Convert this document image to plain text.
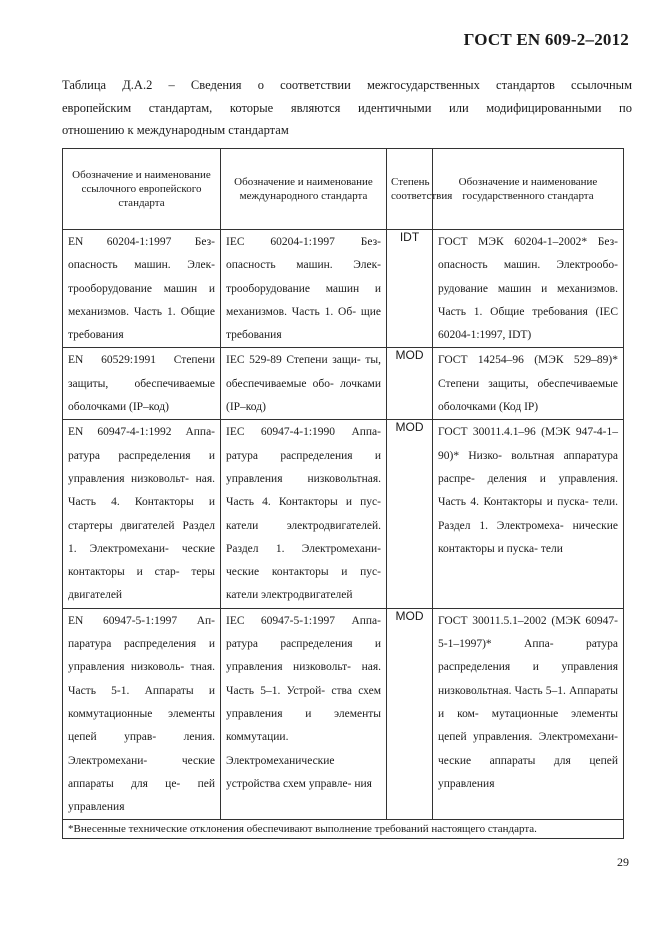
ГОСТ EN 609-2–2012
Таблица Д.А.2 – Сведения о соответствии межгосударственных стандартов ссылочным
европейским стандартам, которые являются идентичными или модифицированными по
отношению к международным стандартам
Обозначение и наименование ссылочного европейского стандарта	Обозначение и наименование международного стандарта	Степень соответствия	Обозначение и наименование государственного стандарта

EN 60204-1:1997 Без- опасность машин. Элек- трооборудование машин и механизмов. Часть 1. Общие требования	IEC 60204-1:1997 Без- опасность машин. Элек- трооборудование машин и механизмов. Часть 1. Об- щие требования	IDT	ГОСТ МЭК 60204-1–2002* Без- опасность машин. Электрообо- рудование машин и механизмов. Часть 1. Общие требования (IEC 60204-1:1997, IDT)

EN 60529:1991 Степени защиты, обеспечиваемые оболочками (IP–код)	IEC 529-89 Степени защи- ты, обеспечиваемые обо- лочками (IP–код)	MOD	ГОСТ 14254–96 (МЭК 529–89)* Степени защиты, обеспечиваемые оболочками (Код IP)

EN 60947-4-1:1992 Аппа- ратура распределения и управления низковольт- ная. Часть 4. Контакторы и стартеры двигателей Раздел 1. Электромехани- ческие контакторы и стар- теры двигателей	IEC 60947-4-1:1990 Аппа- ратура распределения и управления низковольтная. Часть 4. Контакторы и пус- катели электродвигателей. Раздел 1. Электромехани- ческие контакторы и пус- катели электродвигателей	MOD	ГОСТ 30011.4.1–96 (МЭК 947-4-1–90)* Низко- вольтная аппаратура распре- деления и управления. Часть 4. Контакторы и пуска- тели. Раздел 1. Электромеха- нические контакторы и пуска- тели

EN 60947-5-1:1997 Ап- паратура распределения и управления низковоль- тная. Часть 5-1. Аппараты и коммутационные элементы цепей управ- ления. Электромехани- ческие аппараты для це- пей управления	IEC 60947-5-1:1997 Аппа- ратура распределения и управления низковольт- ная. Часть 5–1. Устрой- ства схем управления и элементы коммутации. Электромеханические устройства схем управле- ния	MOD	ГОСТ 30011.5.1–2002 (МЭК 60947-5-1–1997)* Аппа- ратура распределения и управления низковольтная. Часть 5–1. Аппараты и ком- мутационные элементы цепей управления. Электромехани- ческие аппараты для цепей управления

*Внесенные технические отклонения обеспечивают выполнение требований настоящего стандарта.			
29
